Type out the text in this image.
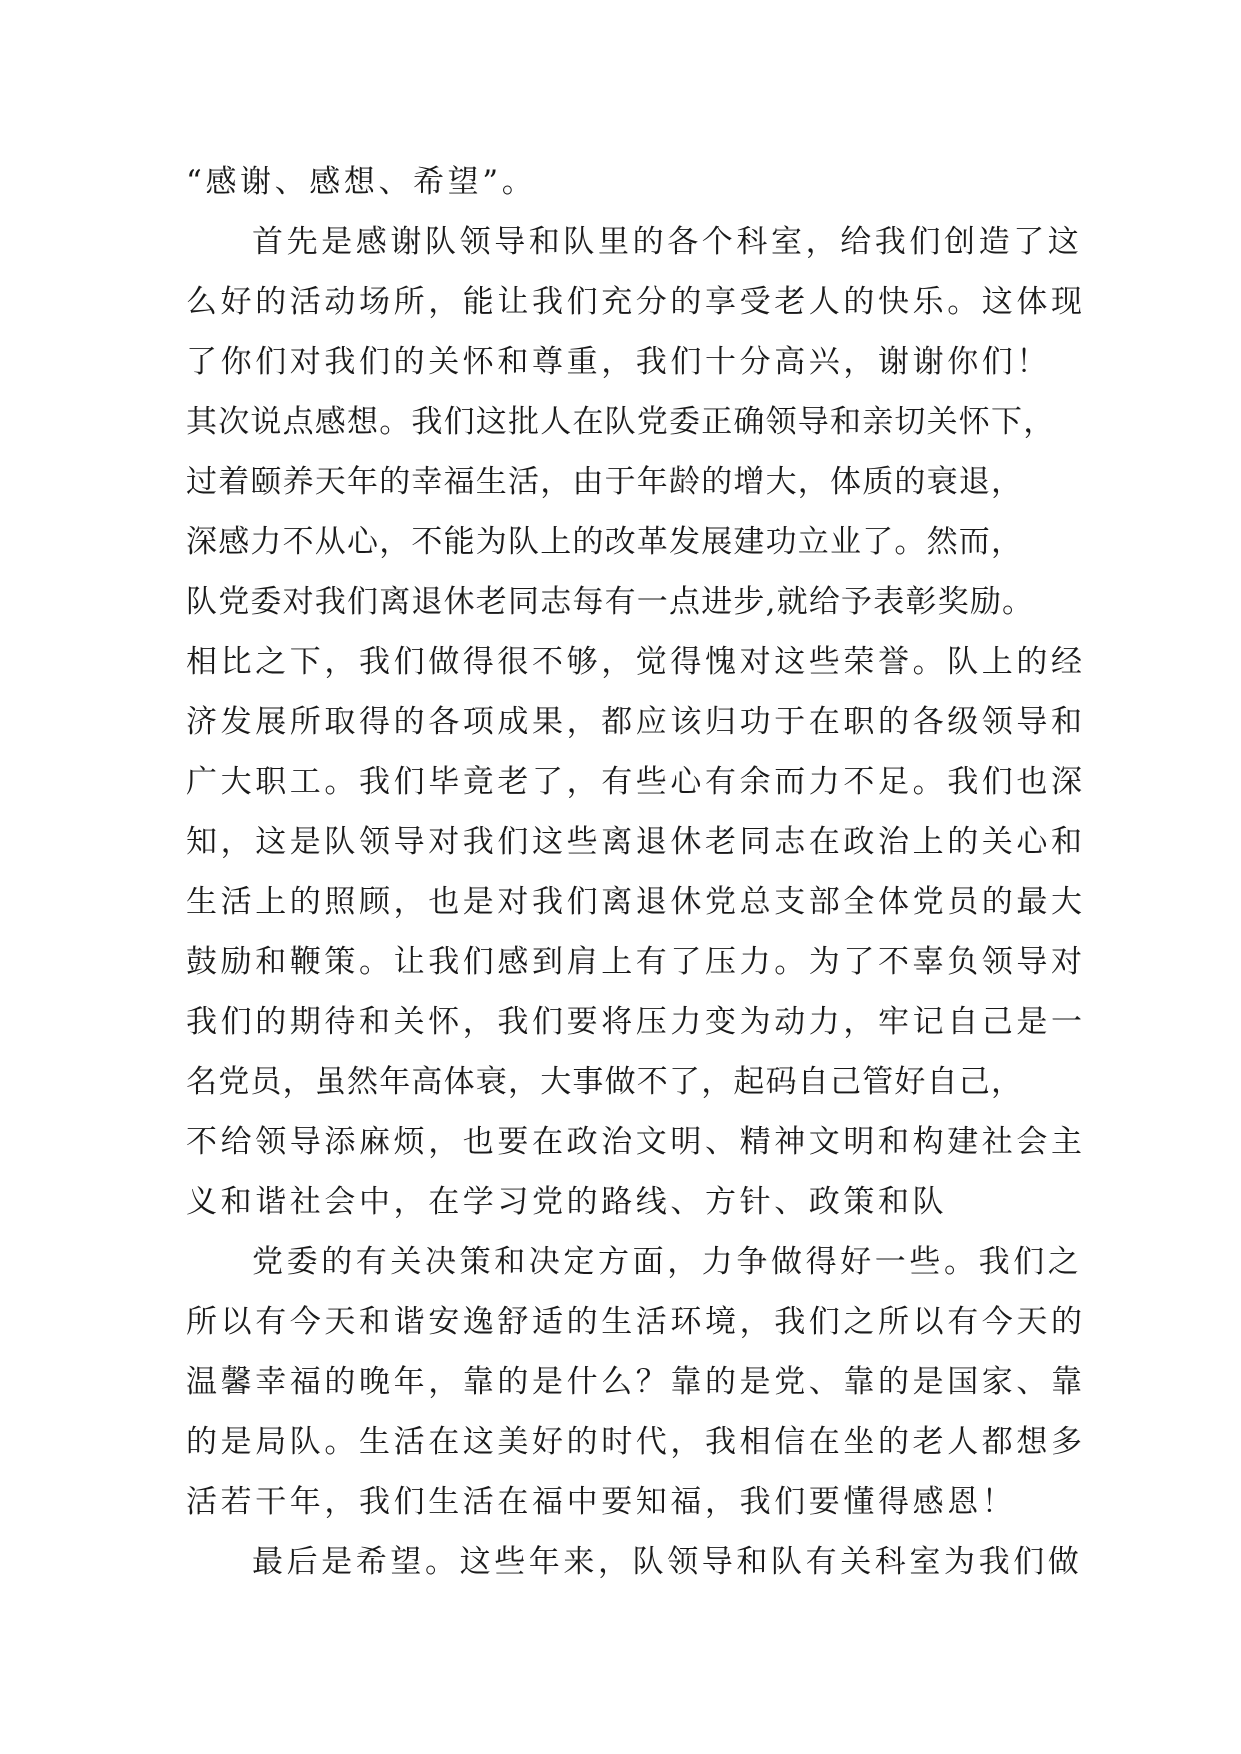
“感谢、感想、希望”。
首先是感谢队领导和队里的各个科室，给我们创造了这
么好的活动场所，能让我们充分的享受老人的快乐。这体现
了你们对我们的关怀和尊重，我们十分高兴，谢谢你们！
其次说点感想。我们这批人在队党委正确领导和亲切关怀下，
过着颐养天年的幸福生活，由于年龄的增大，体质的衰退，
深感力不从心，不能为队上的改革发展建功立业了。然而，
队党委对我们离退休老同志每有一点进步,就给予表彰奖励。
相比之下，我们做得很不够，觉得愧对这些荣誉。队上的经
济发展所取得的各项成果，都应该归功于在职的各级领导和
广大职工。我们毕竟老了，有些心有余而力不足。我们也深
知，这是队领导对我们这些离退休老同志在政治上的关心和
生活上的照顾，也是对我们离退休党总支部全体党员的最大
鼓励和鞭策。让我们感到肩上有了压力。为了不辜负领导对
我们的期待和关怀，我们要将压力变为动力，牢记自己是一
名党员，虽然年高体衰，大事做不了，起码自己管好自己，
不给领导添麻烦，也要在政治文明、精神文明和构建社会主
义和谐社会中，在学习党的路线、方针、政策和队
党委的有关决策和决定方面，力争做得好一些。我们之
所以有今天和谐安逸舒适的生活环境，我们之所以有今天的
温馨幸福的晚年，靠的是什么？靠的是党、靠的是国家、靠
的是局队。生活在这美好的时代，我相信在坐的老人都想多
活若干年，我们生活在福中要知福，我们要懂得感恩！
最后是希望。这些年来，队领导和队有关科室为我们做
